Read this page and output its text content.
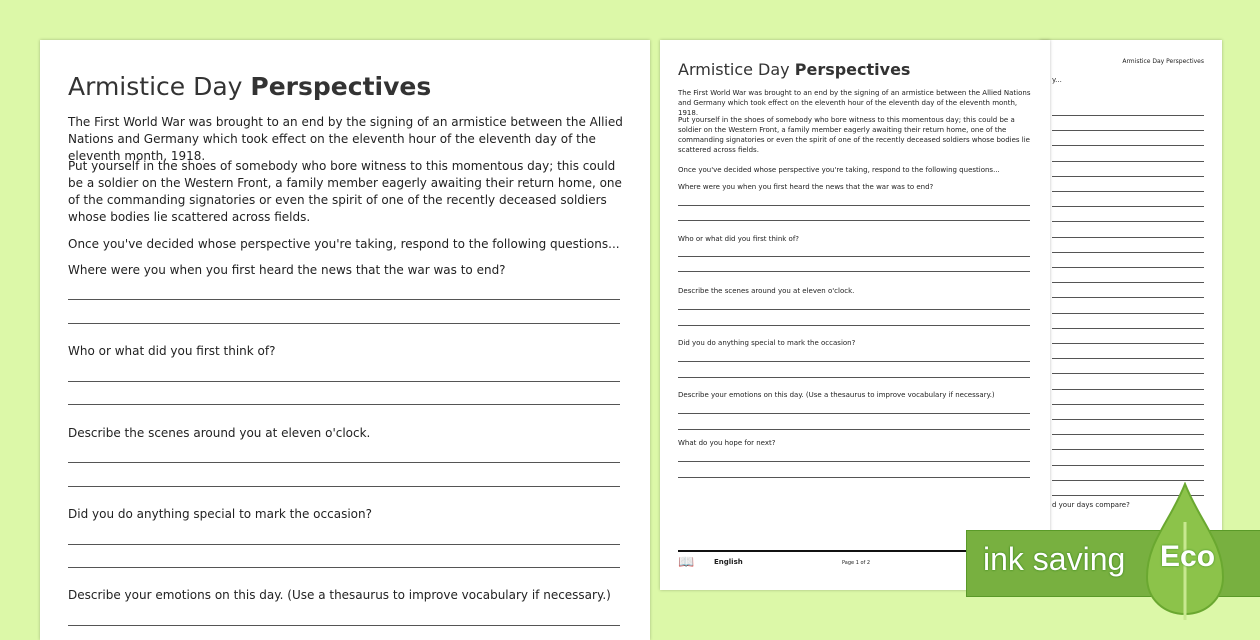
Armistice Day Perspectives
The First World War was brought to an end by the signing of an armistice between the Allied Nations and Germany which took effect on the eleventh hour of the eleventh day of the eleventh month, 1918.
Put yourself in the shoes of somebody who bore witness to this momentous day; this could be a soldier on the Western Front, a family member eagerly awaiting their return home, one of the commanding signatories or even the spirit of one of the recently deceased soldiers whose bodies lie scattered across fields.
Once you've decided whose perspective you're taking, respond to the following questions...
Where were you when you first heard the news that the war was to end?
Who or what did you first think of?
Describe the scenes around you at eleven o'clock.
Did you do anything special to mark the occasion?
Describe your emotions on this day. (Use a thesaurus to improve vocabulary if necessary.)
Armistice Day Perspectives
y...
d your days compare?
Armistice Day Perspectives
The First World War was brought to an end by the signing of an armistice between the Allied Nations and Germany which took effect on the eleventh hour of the eleventh day of the eleventh month, 1918.
Put yourself in the shoes of somebody who bore witness to this momentous day; this could be a soldier on the Western Front, a family member eagerly awaiting their return home, one of the commanding signatories or even the spirit of one of the recently deceased soldiers whose bodies lie scattered across fields.
Once you've decided whose perspective you're taking, respond to the following questions...
Where were you when you first heard the news that the war was to end?
Who or what did you first think of?
Describe the scenes around you at eleven o'clock.
Did you do anything special to mark the occasion?
Describe your emotions on this day. (Use a thesaurus to improve vocabulary if necessary.)
What do you hope for next?
📖	English	Page 1 of 2	ink saving Eco
